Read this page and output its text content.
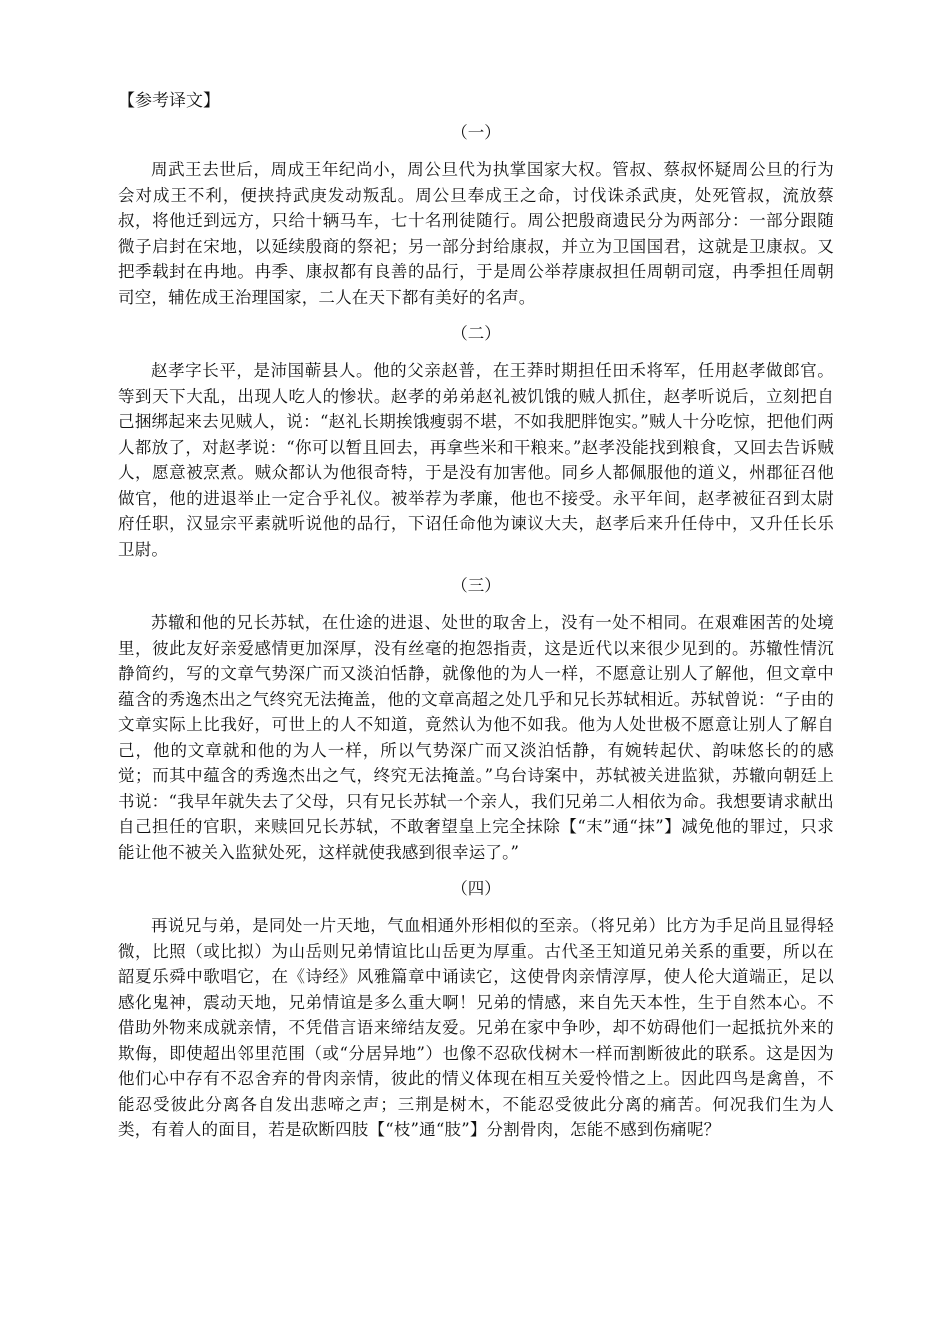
【参考译文】
（一）

周武王去世后，周成王年纪尚小，周公旦代为执掌国家大权。管叔、蔡叔怀疑周公旦的行为会对成王不利，便挟持武庚发动叛乱。周公旦奉成王之命，讨伐诛杀武庚，处死管叔，流放蔡叔，将他迁到远方，只给十辆马车，七十名刑徒随行。周公把殷商遗民分为两部分：一部分跟随微子启封在宋地，以延续殷商的祭祀；另一部分封给康叔，并立为卫国国君，这就是卫康叔。又把季载封在冉地。冉季、康叔都有良善的品行，于是周公举荐康叔担任周朝司寇，冉季担任周朝司空，辅佐成王治理国家，二人在天下都有美好的名声。

（二）

赵孝字长平，是沛国蕲县人。他的父亲赵普，在王莽时期担任田禾将军，任用赵孝做郎官。等到天下大乱，出现人吃人的惨状。赵孝的弟弟赵礼被饥饿的贼人抓住，赵孝听说后，立刻把自己捆绑起来去见贼人，说：“赵礼长期挨饿瘦弱不堪，不如我肥胖饱实。”贼人十分吃惊，把他们两人都放了，对赵孝说：“你可以暂且回去，再拿些米和干粮来。”赵孝没能找到粮食，又回去告诉贼人，愿意被烹煮。贼众都认为他很奇特，于是没有加害他。同乡人都佩服他的道义，州郡征召他做官，他的进退举止一定合乎礼仪。被举荐为孝廉，他也不接受。永平年间，赵孝被征召到太尉府任职，汉显宗平素就听说他的品行，下诏任命他为谏议大夫，赵孝后来升任侍中，又升任长乐卫尉。

（三）

苏辙和他的兄长苏轼，在仕途的进退、处世的取舍上，没有一处不相同。在艰难困苦的处境里，彼此友好亲爱感情更加深厚，没有丝毫的抱怨指责，这是近代以来很少见到的。苏辙性情沉静简约，写的文章气势深广而又淡泊恬静，就像他的为人一样，不愿意让别人了解他，但文章中蕴含的秀逸杰出之气终究无法掩盖，他的文章高超之处几乎和兄长苏轼相近。苏轼曾说：“子由的文章实际上比我好，可世上的人不知道，竟然认为他不如我。他为人处世极不愿意让别人了解自己，他的文章就和他的为人一样，所以气势深广而又淡泊恬静，有婉转起伏、韵味悠长的的感觉；而其中蕴含的秀逸杰出之气，终究无法掩盖。”乌台诗案中，苏轼被关进监狱，苏辙向朝廷上书说：“我早年就失去了父母，只有兄长苏轼一个亲人，我们兄弟二人相依为命。我想要请求献出自己担任的官职，来赎回兄长苏轼，不敢奢望皇上完全抹除【“末”通“抹”】减免他的罪过，只求能让他不被关入监狱处死，这样就使我感到很幸运了。”

（四）

再说兄与弟，是同处一片天地，气血相通外形相似的至亲。（将兄弟）比方为手足尚且显得轻微，比照（或比拟）为山岳则兄弟情谊比山岳更为厚重。古代圣王知道兄弟关系的重要，所以在韶夏乐舜中歌唱它，在《诗经》风雅篇章中诵读它，这使骨肉亲情淳厚，使人伦大道端正，足以感化鬼神，震动天地，兄弟情谊是多么重大啊！兄弟的情感，来自先天本性，生于自然本心。不借助外物来成就亲情，不凭借言语来缔结友爱。兄弟在家中争吵，却不妨碍他们一起抵抗外来的欺侮，即使超出邻里范围（或“分居异地”）也像不忍砍伐树木一样而割断彼此的联系。这是因为他们心中存有不忍舍弃的骨肉亲情，彼此的情义体现在相互关爱怜惜之上。因此四鸟是禽兽，不能忍受彼此分离各自发出悲啼之声；三荆是树木，不能忍受彼此分离的痛苦。何况我们生为人类，有着人的面目，若是砍断四肢【“枝”通“肢”】分割骨肉，怎能不感到伤痛呢？
